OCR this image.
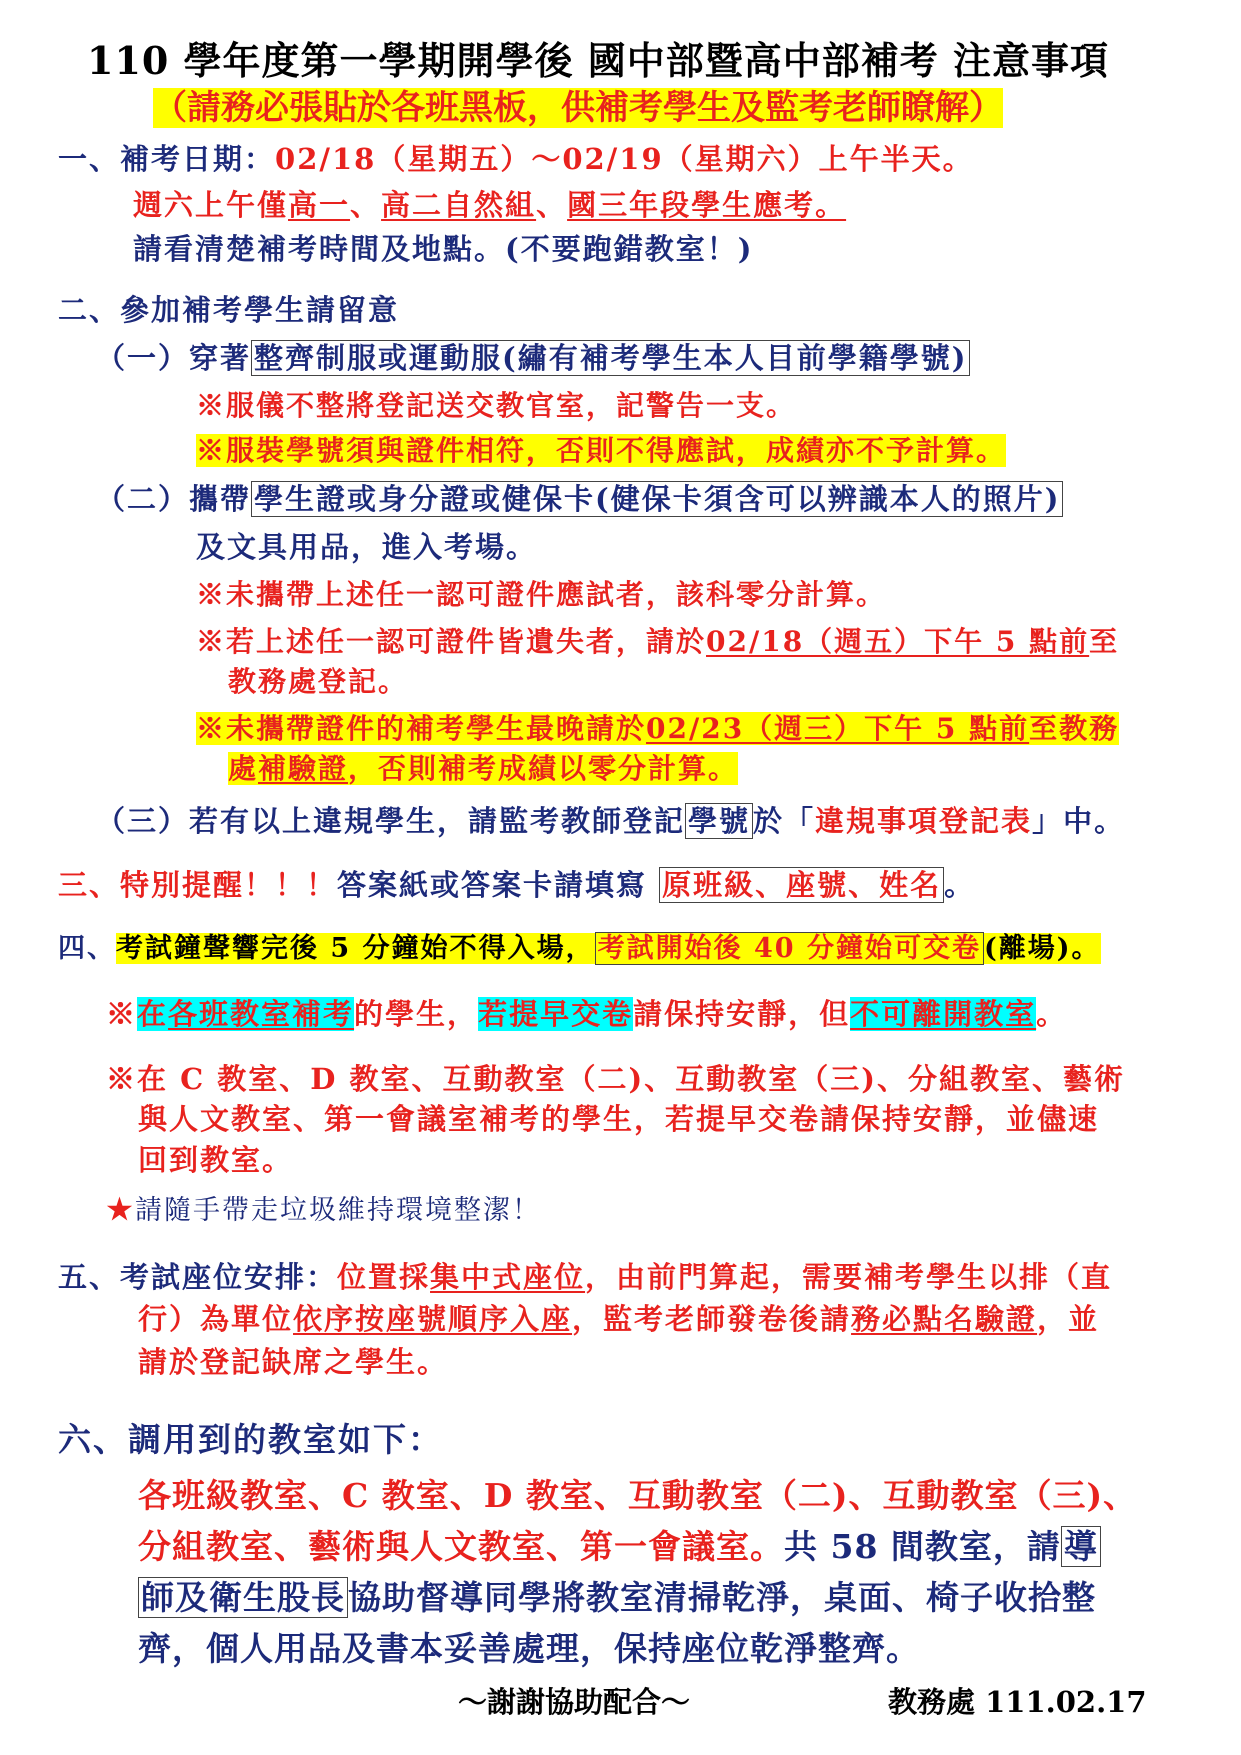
110 學年度第一學期開學後 國中部暨高中部補考 注意事項
（請務必張貼於各班黑板，供補考學生及監考老師瞭解）
一、補考日期：02/18（星期五）～02/19（星期六）上午半天。
週六上午僅高一、高二自然組、國三年段學生應考。
請看清楚補考時間及地點。(不要跑錯教室！)
二、參加補考學生請留意
（一）穿著 整齊制服或運動服(繡有補考學生本人目前學籍學號)
※服儀不整將登記送交教官室，記警告一支。
※服裝學號須與證件相符，否則不得應試，成績亦不予計算。
（二）攜帶 學生證或身分證或健保卡(健保卡須含可以辨識本人的照片)
及文具用品，進入考場。
※未攜帶上述任一認可證件應試者，該科零分計算。
※若上述任一認可證件皆遺失者，請於02/18（週五）下午 5 點前至
教務處登記。
※未攜帶證件的補考學生最晚請於02/23（週三）下午 5 點前至教務
處補驗證，否則補考成績以零分計算。
（三）若有以上違規學生，請監考教師登記 學號 於「違規事項登記表」中。
三、特別提醒！！！答案紙或答案卡請填寫 原班級、座號、姓名 。
四、考試鐘聲響完後 5 分鐘始不得入場， 考試開始後 40 分鐘始可交卷 (離場)。
※在各班教室補考的學生，若提早交卷請保持安靜，但不可離開教室。
※在 C 教室、D 教室、互動教室（二)、互動教室（三)、分組教室、藝術
與人文教室、第一會議室補考的學生，若提早交卷請保持安靜，並儘速
回到教室。
★請隨手帶走垃圾維持環境整潔！
五、考試座位安排：位置採集中式座位，由前門算起，需要補考學生以排（直
行）為單位依序按座號順序入座，監考老師發卷後請務必點名驗證，並
請於登記缺席之學生。
六、調用到的教室如下：
各班級教室、C 教室、D 教室、互動教室（二)、互動教室（三)、
分組教室、藝術與人文教室、第一會議室。共 58 間教室，請導
師及衛生股長協助督導同學將教室清掃乾淨，桌面、椅子收拾整
齊，個人用品及書本妥善處理，保持座位乾淨整齊。
～謝謝協助配合～	教務處 111.02.17
